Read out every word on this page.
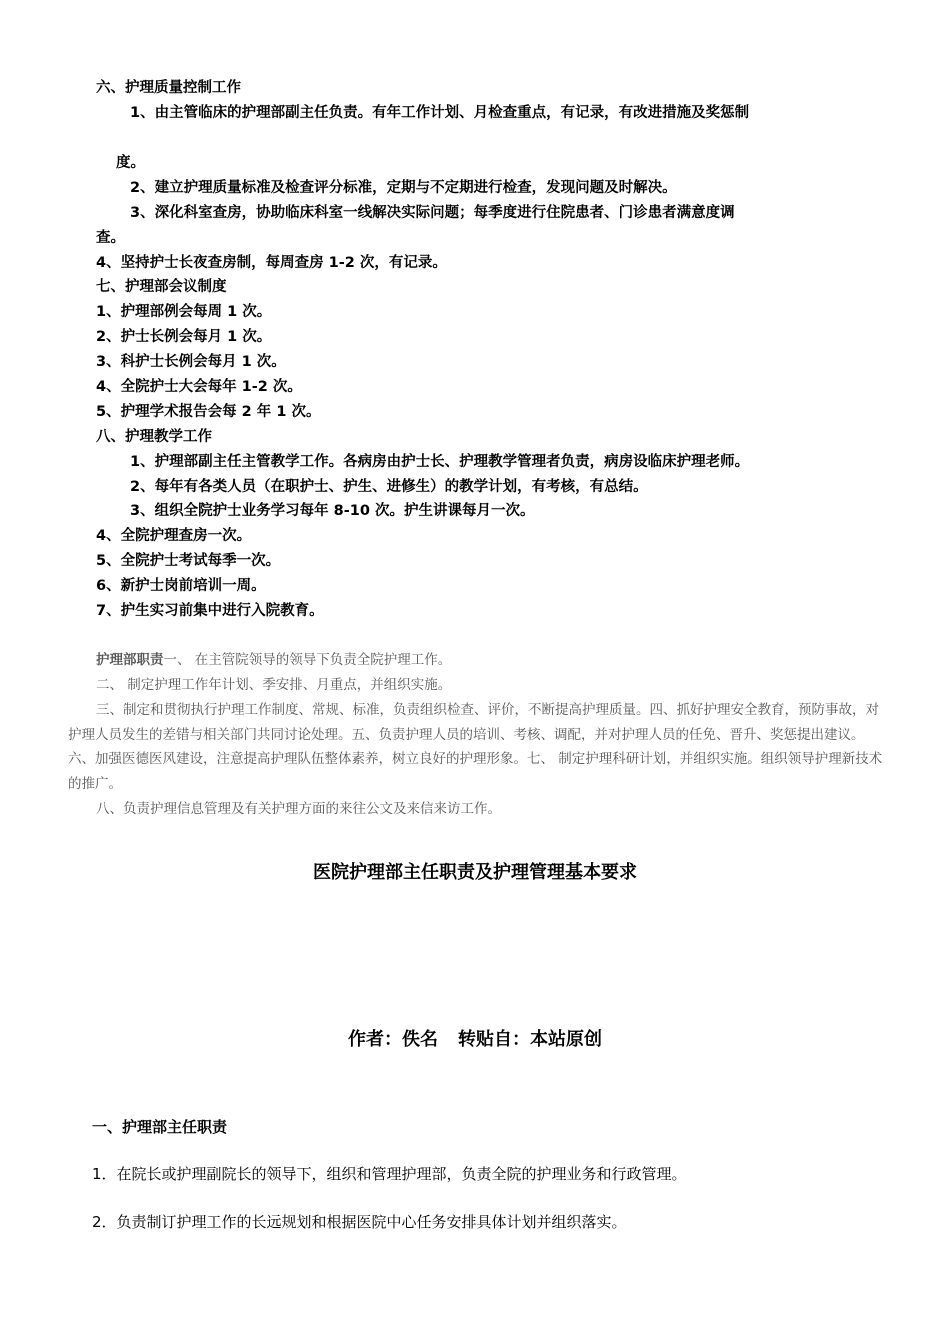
六、护理质量控制工作
1、由主管临床的护理部副主任负责。有年工作计划、月检查重点，有记录，有改进措施及奖惩制
度。
2、建立护理质量标准及检查评分标准，定期与不定期进行检查，发现问题及时解决。
3、深化科室查房，协助临床科室一线解决实际问题；每季度进行住院患者、门诊患者满意度调
查。
4、坚持护士长夜查房制，每周查房 1-2 次，有记录。
七、护理部会议制度
1、护理部例会每周 1 次。
2、护士长例会每月 1 次。
3、科护士长例会每月 1 次。
4、全院护士大会每年 1-2 次。
5、护理学术报告会每 2 年 1 次。
八、护理教学工作
1、护理部副主任主管教学工作。各病房由护士长、护理教学管理者负责，病房设临床护理老师。
2、每年有各类人员（在职护士、护生、进修生）的教学计划，有考核，有总结。
3、组织全院护士业务学习每年 8-10 次。护生讲课每月一次。
4、全院护理查房一次。
5、全院护士考试每季一次。
6、新护士岗前培训一周。
7、护生实习前集中进行入院教育。
护理部职责一、 在主管院领导的领导下负责全院护理工作。
二、 制定护理工作年计划、季安排、月重点，并组织实施。
三、制定和贯彻执行护理工作制度、常规、标准，负责组织检查、评价，不断提高护理质量。四、抓好护理安全教育，预防事故，对护理人员发生的差错与相关部门共同讨论处理。五、负责护理人员的培训、考核、调配，并对护理人员的任免、晋升、奖惩提出建议。六、加强医德医风建设，注意提高护理队伍整体素养，树立良好的护理形象。七、 制定护理科研计划，并组织实施。组织领导护理新技术的推广。
八、负责护理信息管理及有关护理方面的来往公文及来信来访工作。
医院护理部主任职责及护理管理基本要求
作者：佚名 转贴自：本站原创
一、护理部主任职责
1．在院长或护理副院长的领导下，组织和管理护理部，负责全院的护理业务和行政管理。
2．负责制订护理工作的长远规划和根据医院中心任务安排具体计划并组织落实。
